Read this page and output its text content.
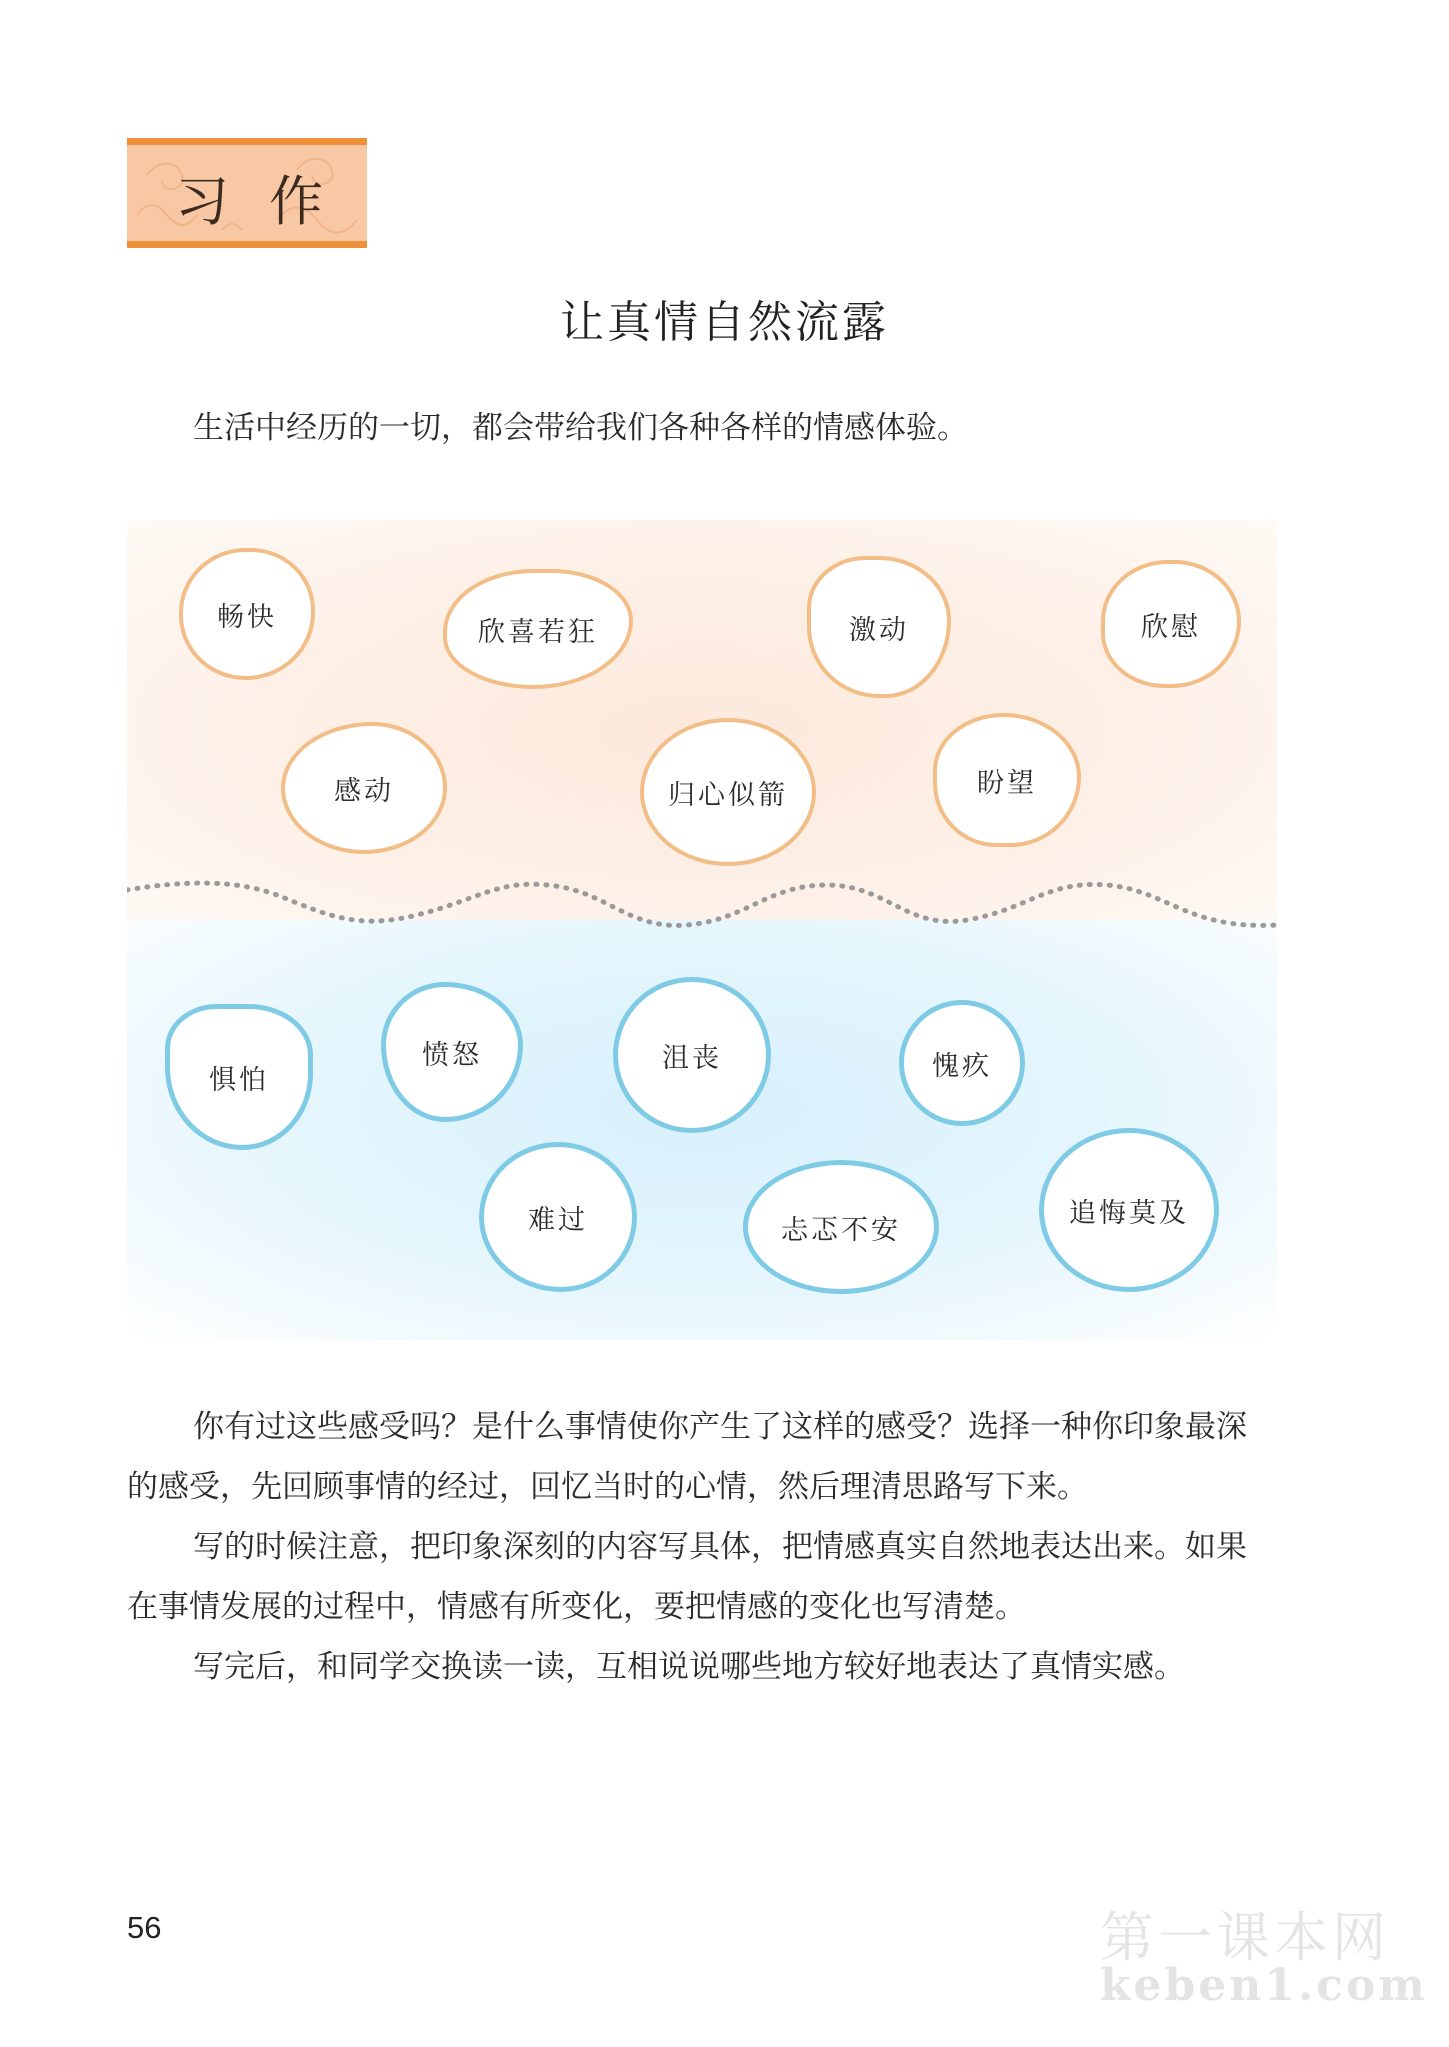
习作
让真情自然流露

生活中经历的一切，都会带给我们各种各样的情感体验。

畅快	欣喜若狂	激动	欣慰
感动	归心似箭	盼望
惧怕
愤怒	沮丧	愧疚
难过	忐忑不安
追悔莫及

你有过这些感受吗？是什么事情使你产生了这样的感受？选择一种你印象最深的感受，先回顾事情的经过，回忆当时的心情，然后理清思路写下来。

写的时候注意，把印象深刻的内容写具体，把情感真实自然地表达出来。如果在事情发展的过程中，情感有所变化，要把情感的变化也写清楚。

写完后，和同学交换读一读，互相说说哪些地方较好地表达了真情实感。

56	第一课本网
keben1.com
